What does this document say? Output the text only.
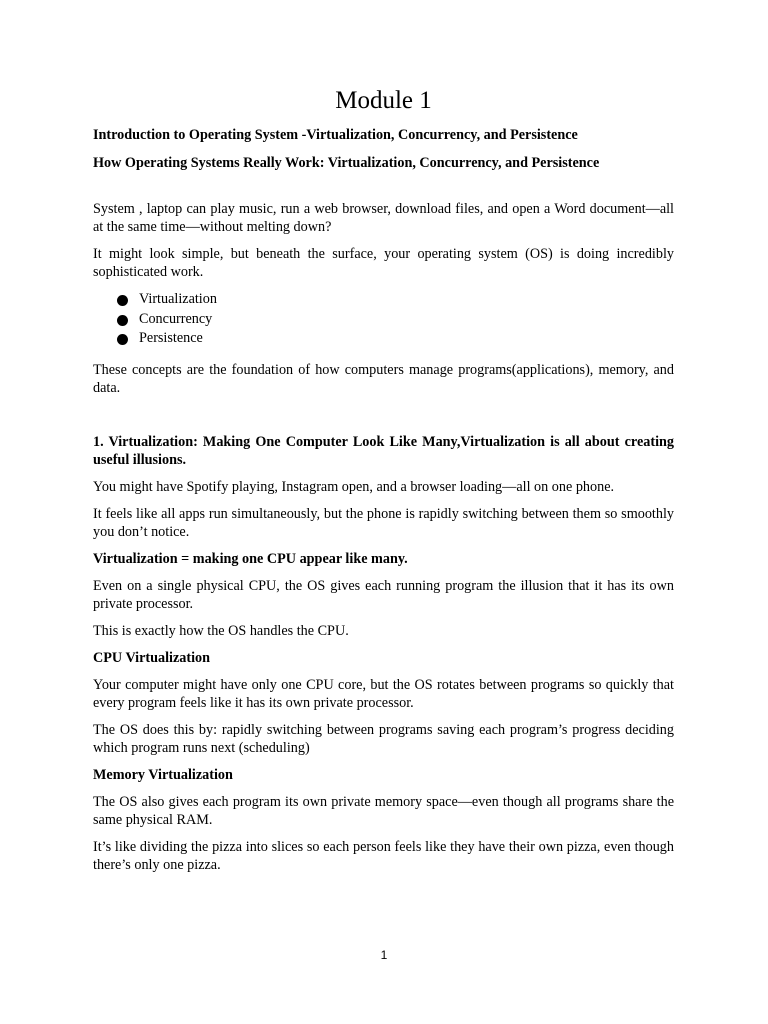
Module 1
Introduction to Operating System -Virtualization, Concurrency, and Persistence
How Operating Systems Really Work: Virtualization, Concurrency, and Persistence

System , laptop can play music, run a web browser, download files, and open a Word document—all at the same time—without melting down?

It might look simple, but beneath the surface, your operating system (OS) is doing incredibly sophisticated work.

Virtualization
Concurrency
Persistence

These concepts are the foundation of how computers manage programs(applications), memory, and data.

1. Virtualization: Making One Computer Look Like Many,Virtualization is all about creating useful illusions.

You might have Spotify playing, Instagram open, and a browser loading—all on one phone.

It feels like all apps run simultaneously, but the phone is rapidly switching between them so smoothly you don’t notice.

Virtualization = making one CPU appear like many.

Even on a single physical CPU, the OS gives each running program the illusion that it has its own private processor.

This is exactly how the OS handles the CPU.

CPU Virtualization

Your computer might have only one CPU core, but the OS rotates between programs so quickly that every program feels like it has its own private processor.

The OS does this by: rapidly switching between programs saving each program’s progress deciding which program runs next (scheduling)

Memory Virtualization

The OS also gives each program its own private memory space—even though all programs share the same physical RAM.

It’s like dividing the pizza into slices so each person feels like they have their own pizza, even though there’s only one pizza.

1
